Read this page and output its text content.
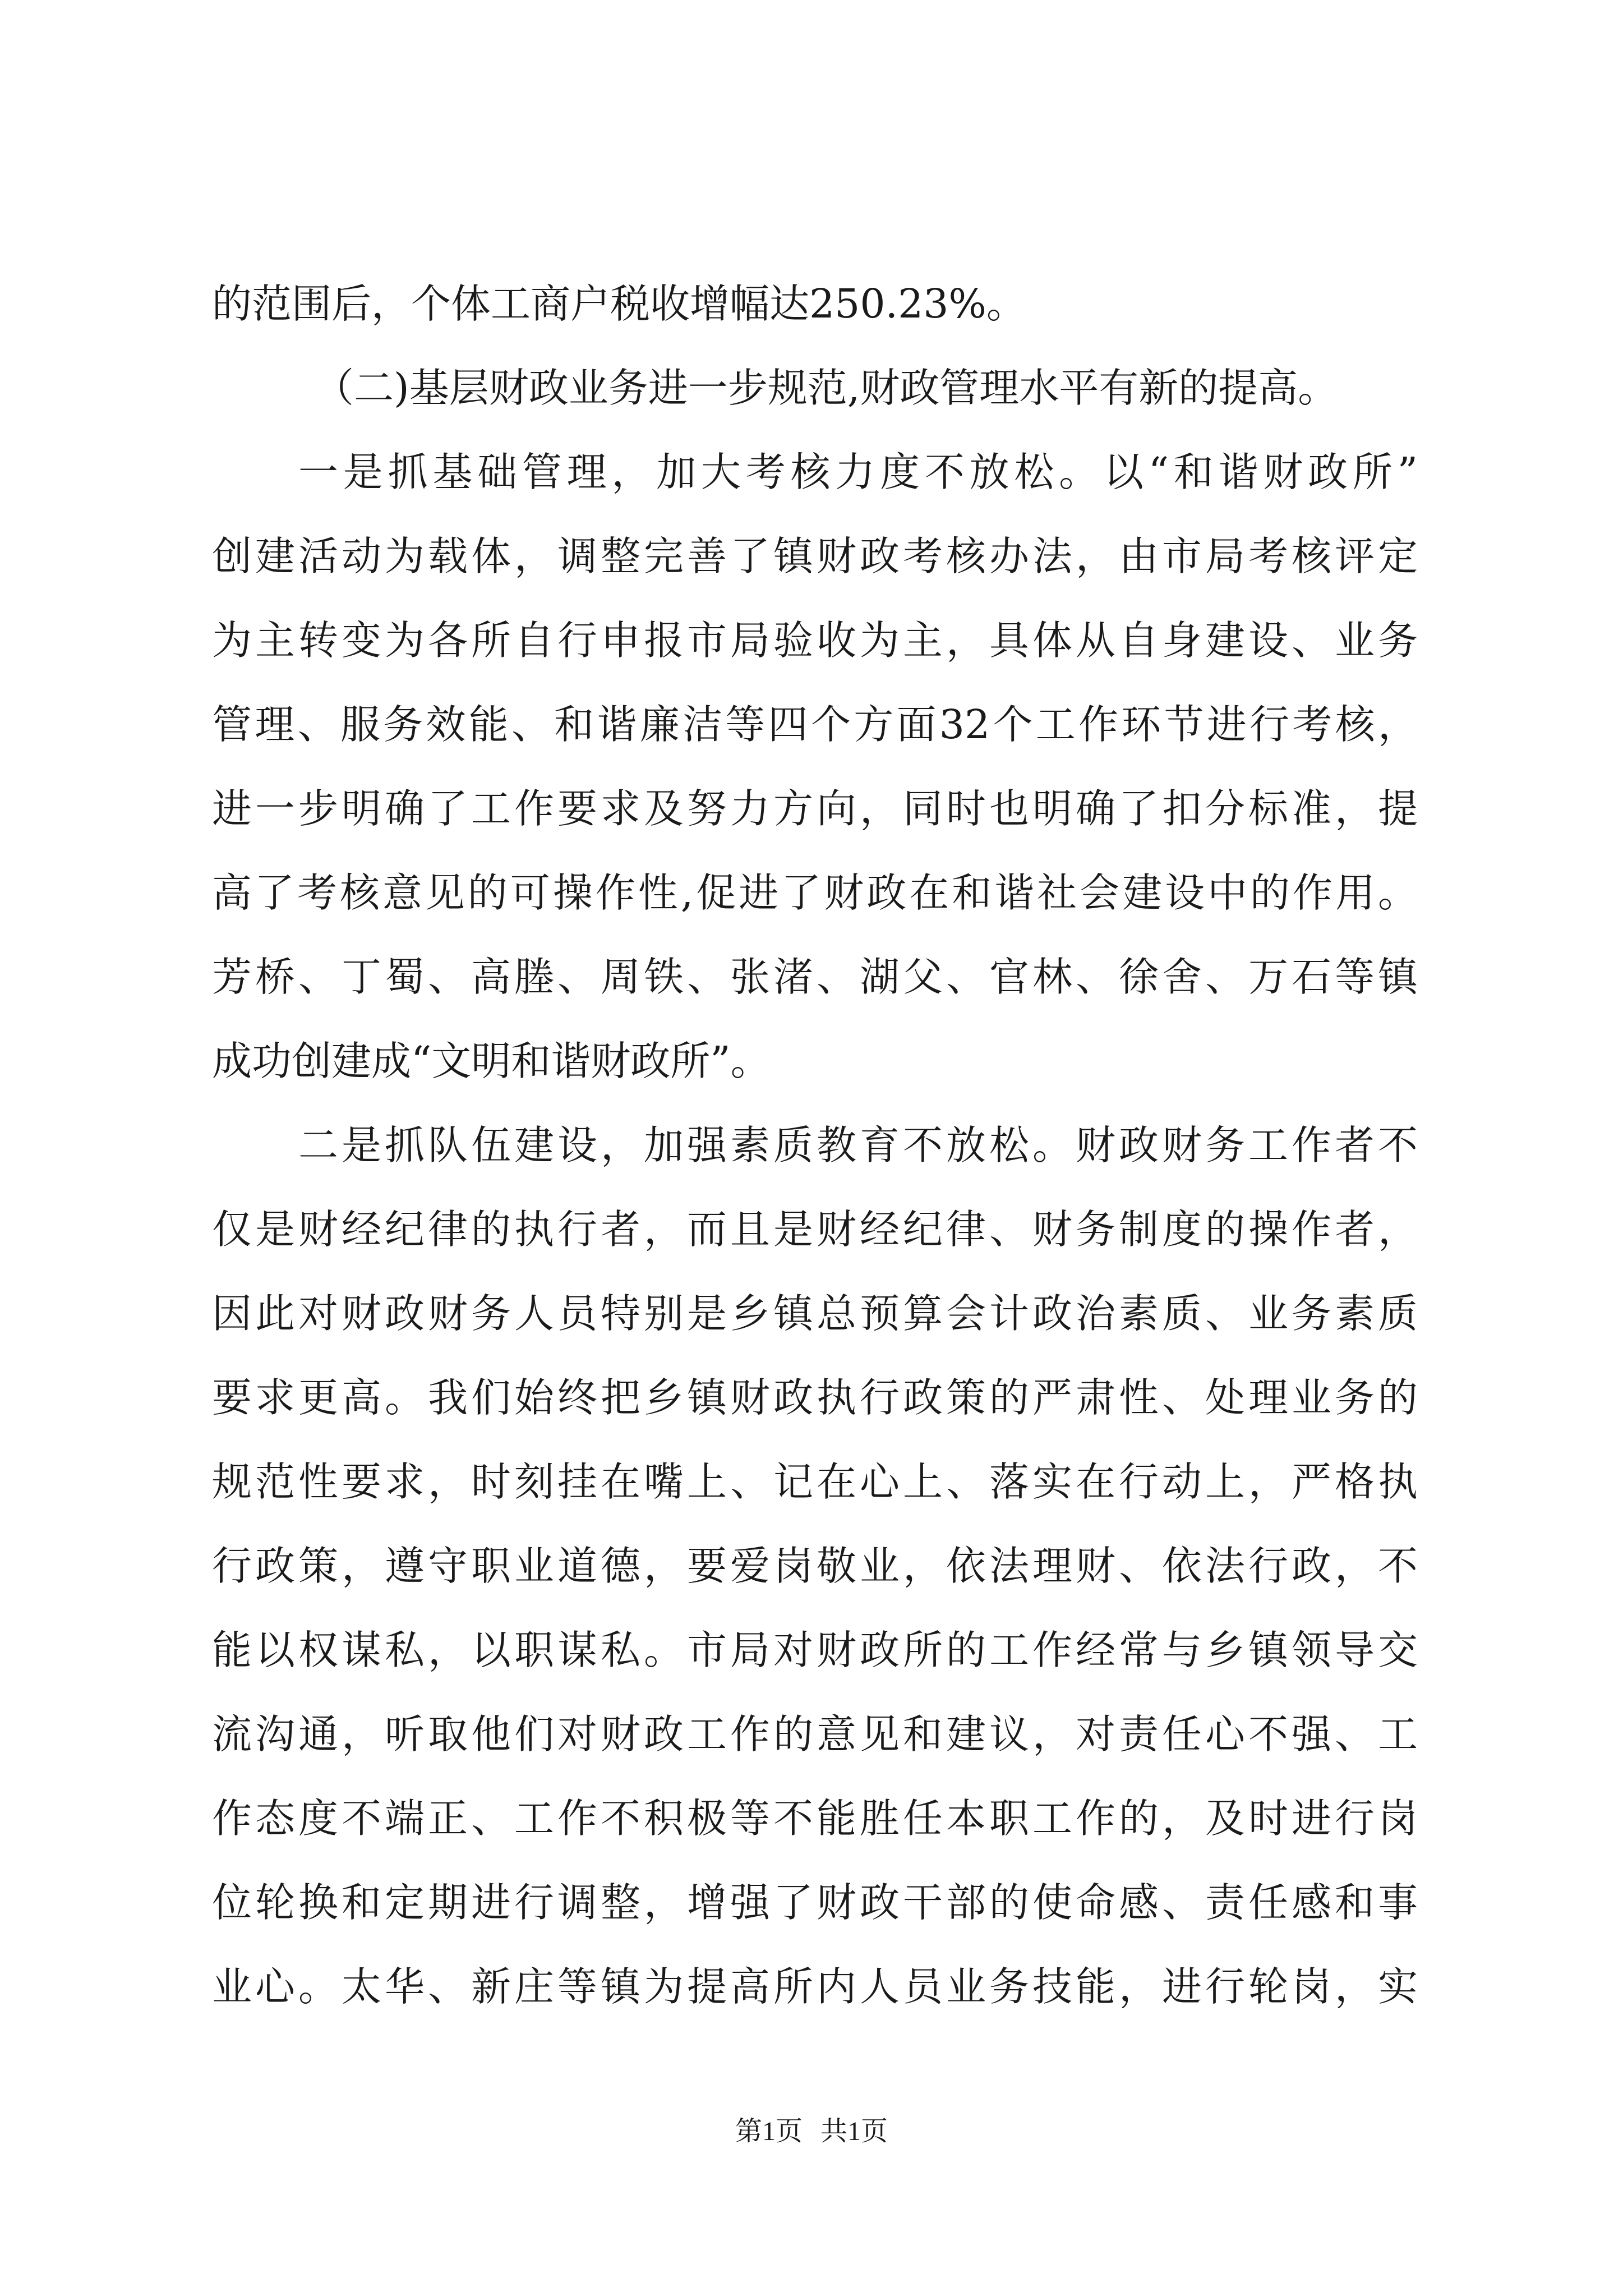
的范围后，个体工商户税收增幅达250.23%。
（二)基层财政业务进一步规范,财政管理水平有新的提高。
一是抓基础管理，加大考核力度不放松。以“和谐财政所”
创建活动为载体，调整完善了镇财政考核办法，由市局考核评定
为主转变为各所自行申报市局验收为主，具体从自身建设、业务
管理、服务效能、和谐廉洁等四个方面32个工作环节进行考核，
进一步明确了工作要求及努力方向，同时也明确了扣分标准，提
高了考核意见的可操作性,促进了财政在和谐社会建设中的作用。
芳桥、丁蜀、高塍、周铁、张渚、湖父、官林、徐舍、万石等镇
成功创建成“文明和谐财政所”。
二是抓队伍建设，加强素质教育不放松。财政财务工作者不
仅是财经纪律的执行者，而且是财经纪律、财务制度的操作者，
因此对财政财务人员特别是乡镇总预算会计政治素质、业务素质
要求更高。我们始终把乡镇财政执行政策的严肃性、处理业务的
规范性要求，时刻挂在嘴上、记在心上、落实在行动上，严格执
行政策，遵守职业道德，要爱岗敬业，依法理财、依法行政，不
能以权谋私，以职谋私。市局对财政所的工作经常与乡镇领导交
流沟通，听取他们对财政工作的意见和建议，对责任心不强、工
作态度不端正、工作不积极等不能胜任本职工作的，及时进行岗
位轮换和定期进行调整，增强了财政干部的使命感、责任感和事
业心。太华、新庄等镇为提高所内人员业务技能，进行轮岗，实
第1页 共1页
